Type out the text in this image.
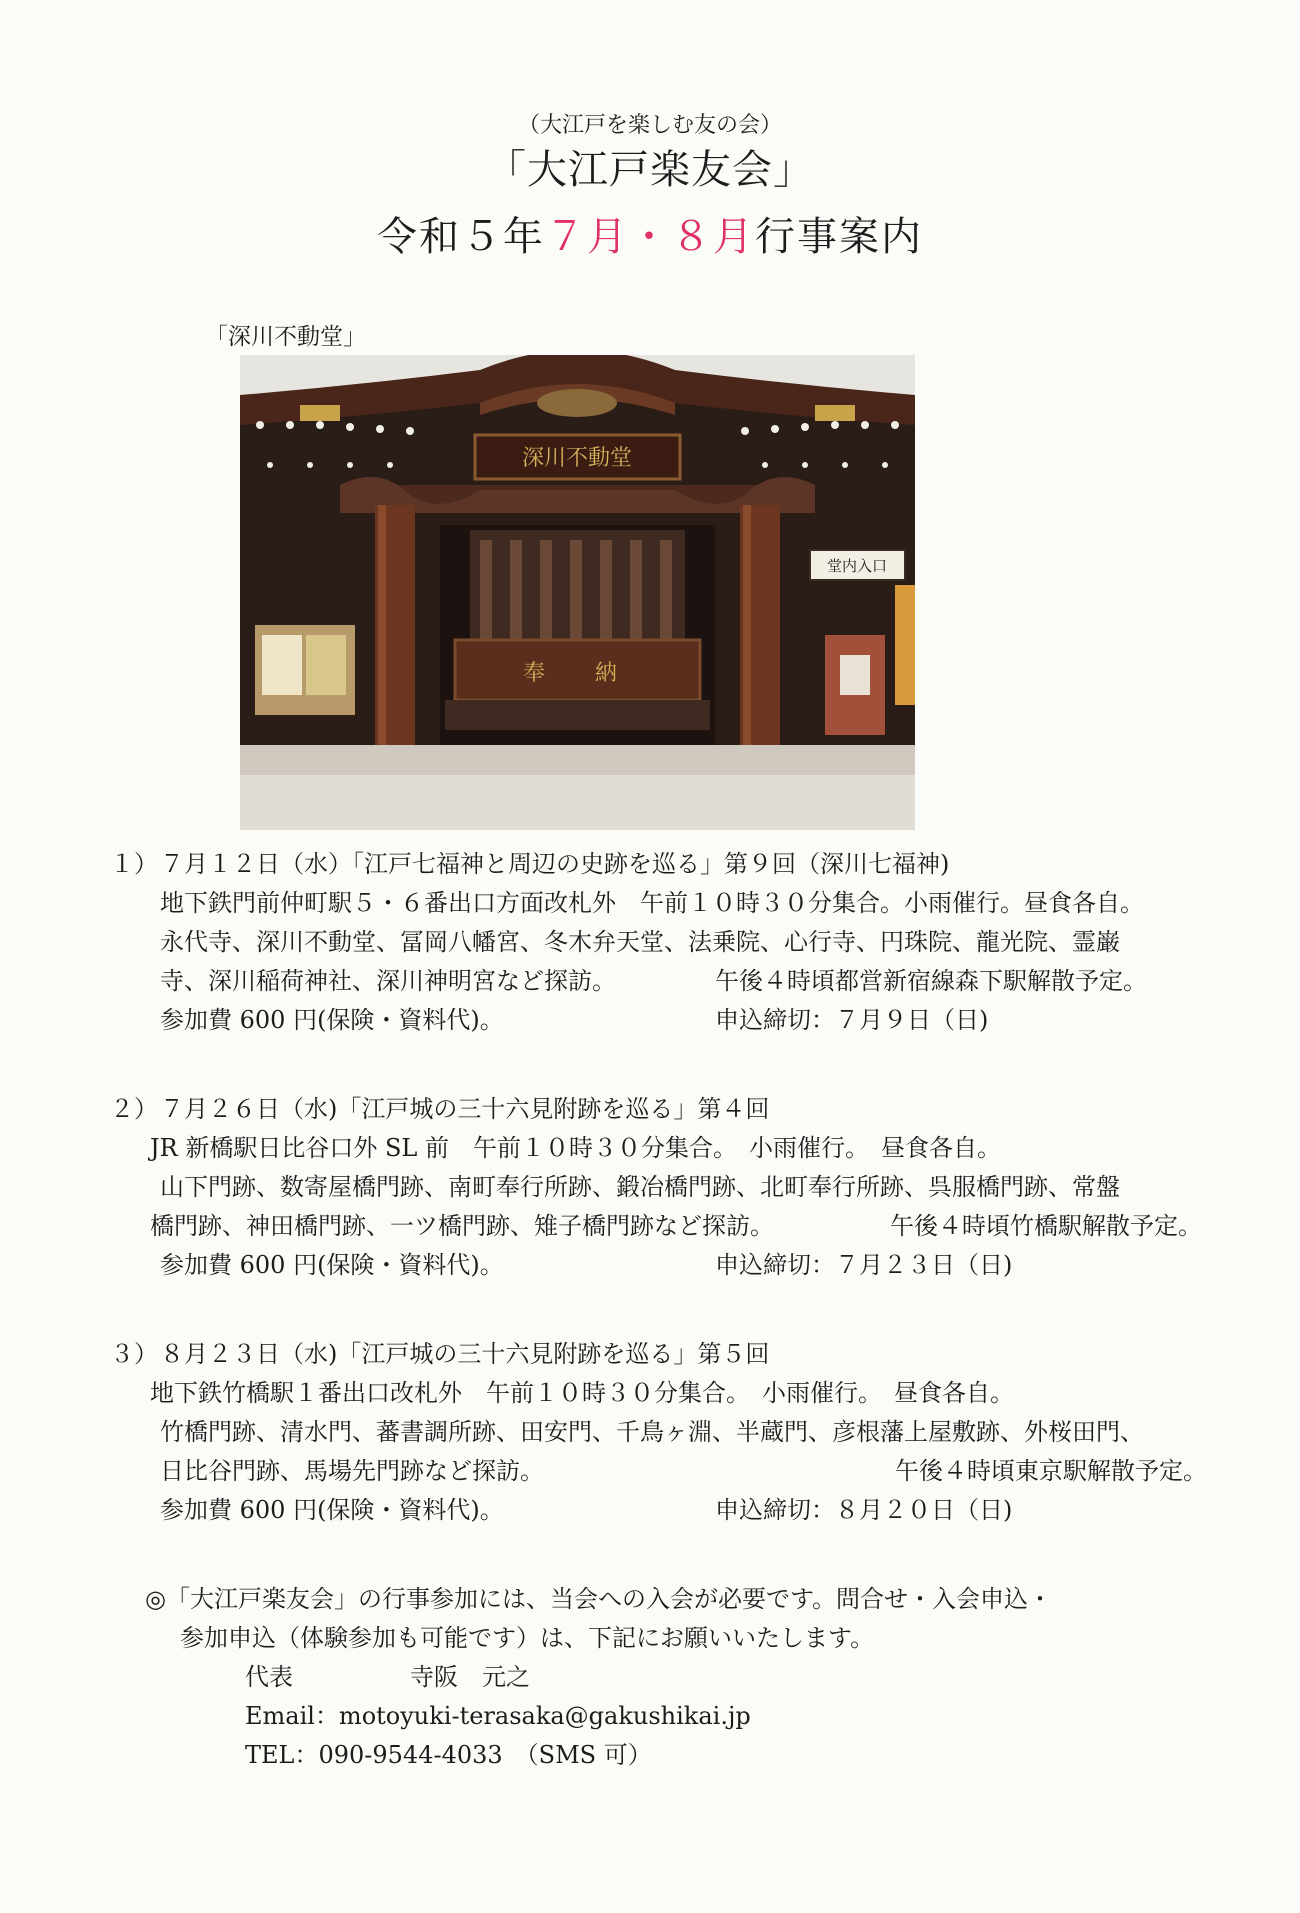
（大江戸を楽しむ友の会）
「大江戸楽友会」
令和５年７月・８月行事案内
「深川不動堂」
深川不動堂
奉　納
堂内入口
１） ７月１２日（水）「江戸七福神と周辺の史跡を巡る」第９回（深川七福神)
地下鉄門前仲町駅５・６番出口方面改札外　午前１０時３０分集合。小雨催行。昼食各自。
永代寺、深川不動堂、冨岡八幡宮、冬木弁天堂、法乗院、心行寺、円珠院、龍光院、霊巌
寺、深川稲荷神社、深川神明宮など探訪。	午後４時頃都営新宿線森下駅解散予定。
参加費 600 円(保険・資料代)。	申込締切：７月９日（日)
２） ７月２６日（水)「江戸城の三十六見附跡を巡る」第４回
JR 新橋駅日比谷口外 SL 前　午前１０時３０分集合。　小雨催行。　昼食各自。
山下門跡、数寄屋橋門跡、南町奉行所跡、鍛冶橋門跡、北町奉行所跡、呉服橋門跡、常盤
橋門跡、神田橋門跡、一ツ橋門跡、雉子橋門跡など探訪。	午後４時頃竹橋駅解散予定。
参加費 600 円(保険・資料代)。	申込締切：７月２３日（日)
３） ８月２３日（水)「江戸城の三十六見附跡を巡る」第５回
地下鉄竹橋駅１番出口改札外　午前１０時３０分集合。　小雨催行。　昼食各自。
竹橋門跡、清水門、蕃書調所跡、田安門、千鳥ヶ淵、半蔵門、彦根藩上屋敷跡、外桜田門、
日比谷門跡、馬場先門跡など探訪。	午後４時頃東京駅解散予定。
参加費 600 円(保険・資料代)。	申込締切：８月２０日（日)
◎「大江戸楽友会」の行事参加には、当会への入会が必要です。問合せ・入会申込・
参加申込（体験参加も可能です）は、下記にお願いいたします。
代表	寺阪　元之
Email：motoyuki-terasaka@gakushikai.jp
TEL：090-9544-4033　（SMS 可）
